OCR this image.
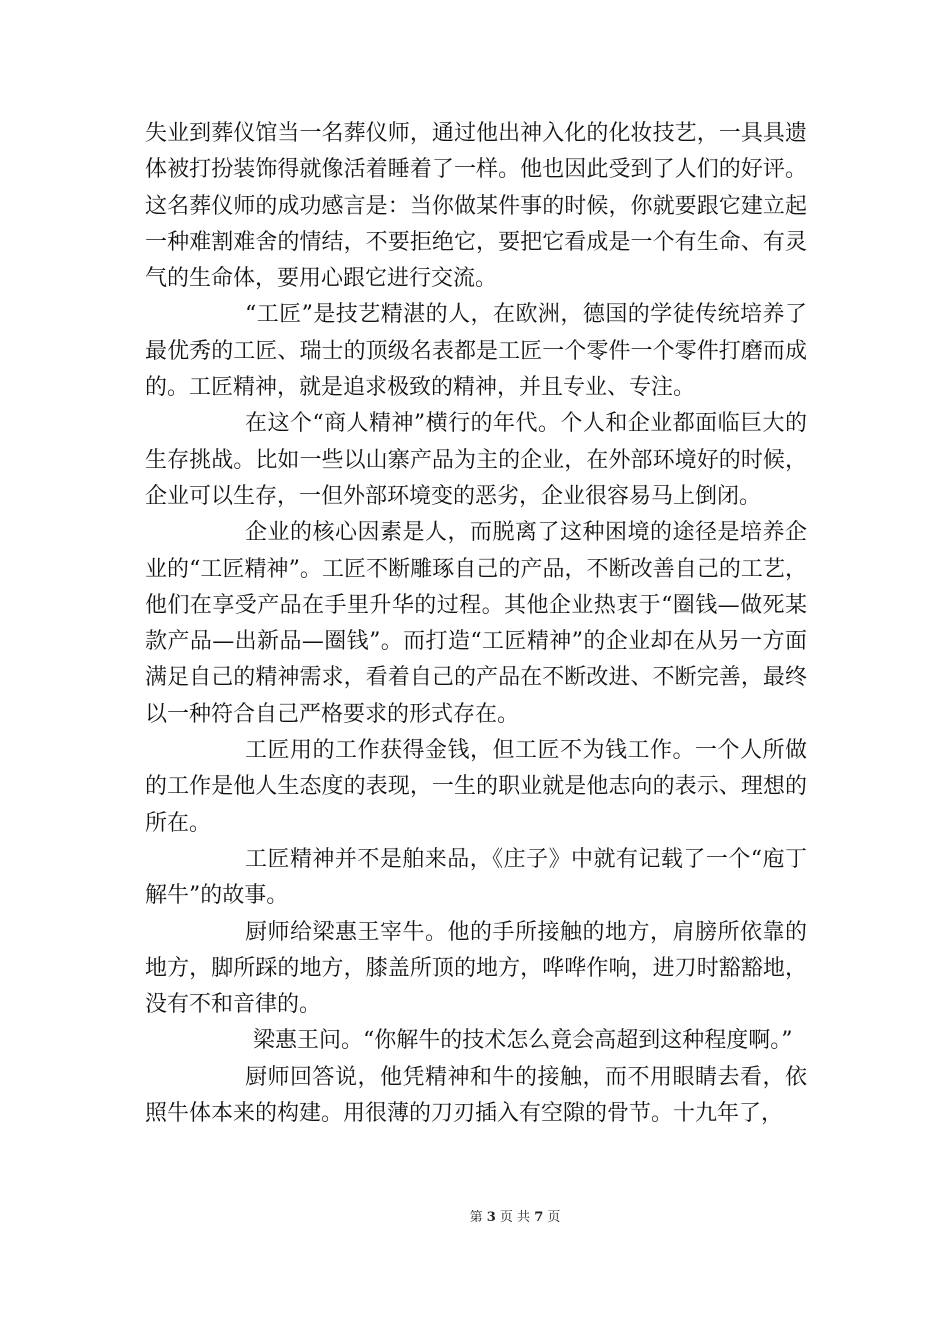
失业到葬仪馆当一名葬仪师，通过他出神入化的化妆技艺，一具具遗体被打扮装饰得就像活着睡着了一样。他也因此受到了人们的好评。这名葬仪师的成功感言是：当你做某件事的时候，你就要跟它建立起一种难割难舍的情结，不要拒绝它，要把它看成是一个有生命、有灵气的生命体，要用心跟它进行交流。

“工匠”是技艺精湛的人，在欧洲，德国的学徒传统培养了最优秀的工匠、瑞士的顶级名表都是工匠一个零件一个零件打磨而成的。工匠精神，就是追求极致的精神，并且专业、专注。

在这个“商人精神”横行的年代。个人和企业都面临巨大的生存挑战。比如一些以山寨产品为主的企业，在外部环境好的时候，企业可以生存，一但外部环境变的恶劣，企业很容易马上倒闭。

企业的核心因素是人，而脱离了这种困境的途径是培养企业的“工匠精神”。工匠不断雕琢自己的产品，不断改善自己的工艺，他们在享受产品在手里升华的过程。其他企业热衷于“圈钱—做死某款产品—出新品—圈钱”。而打造“工匠精神”的企业却在从另一方面满足自己的精神需求，看着自己的产品在不断改进、不断完善，最终以一种符合自己严格要求的形式存在。

工匠用的工作获得金钱，但工匠不为钱工作。一个人所做的工作是他人生态度的表现，一生的职业就是他志向的表示、理想的所在。

工匠精神并不是舶来品，《庄子》中就有记载了一个“庖丁解牛”的故事。

厨师给梁惠王宰牛。他的手所接触的地方，肩膀所依靠的地方，脚所踩的地方，膝盖所顶的地方，哗哗作响，进刀时豁豁地，没有不和音律的。

梁惠王问。“你解牛的技术怎么竟会高超到这种程度啊。”

厨师回答说，他凭精神和牛的接触，而不用眼睛去看，依照牛体本来的构建。用很薄的刀刃插入有空隙的骨节。十九年了，

第 3 页 共 7 页
